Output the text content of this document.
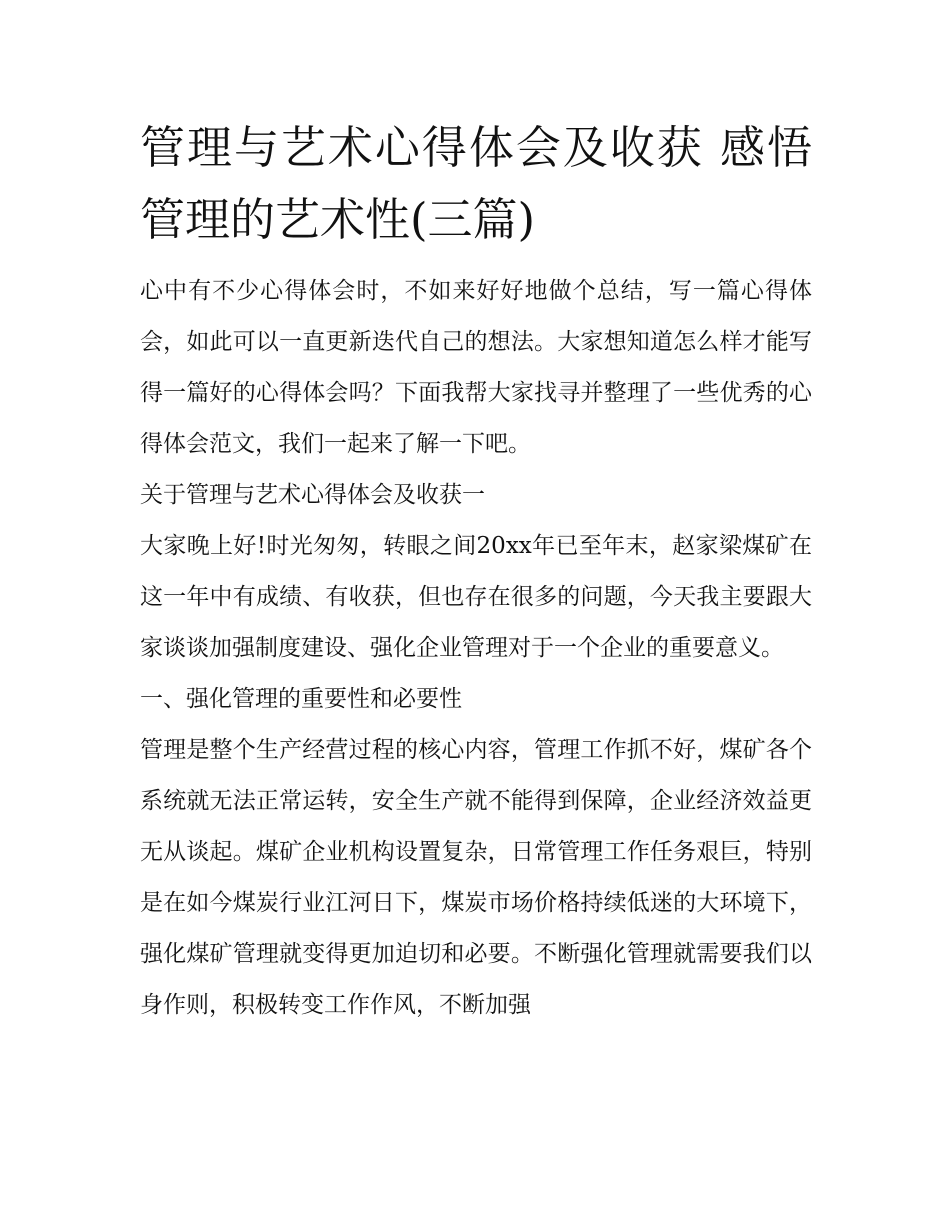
管理与艺术心得体会及收获 感悟管理的艺术性(三篇)

心中有不少心得体会时，不如来好好地做个总结，写一篇心得体会，如此可以一直更新迭代自己的想法。大家想知道怎么样才能写得一篇好的心得体会吗？下面我帮大家找寻并整理了一些优秀的心得体会范文，我们一起来了解一下吧。

关于管理与艺术心得体会及收获一

大家晚上好!时光匆匆，转眼之间20xx年已至年末，赵家梁煤矿在这一年中有成绩、有收获，但也存在很多的问题，今天我主要跟大家谈谈加强制度建设、强化企业管理对于一个企业的重要意义。

一、强化管理的重要性和必要性

管理是整个生产经营过程的核心内容，管理工作抓不好，煤矿各个系统就无法正常运转，安全生产就不能得到保障，企业经济效益更无从谈起。煤矿企业机构设置复杂，日常管理工作任务艰巨，特别是在如今煤炭行业江河日下，煤炭市场价格持续低迷的大环境下，强化煤矿管理就变得更加迫切和必要。不断强化管理就需要我们以身作则，积极转变工作作风，不断加强
